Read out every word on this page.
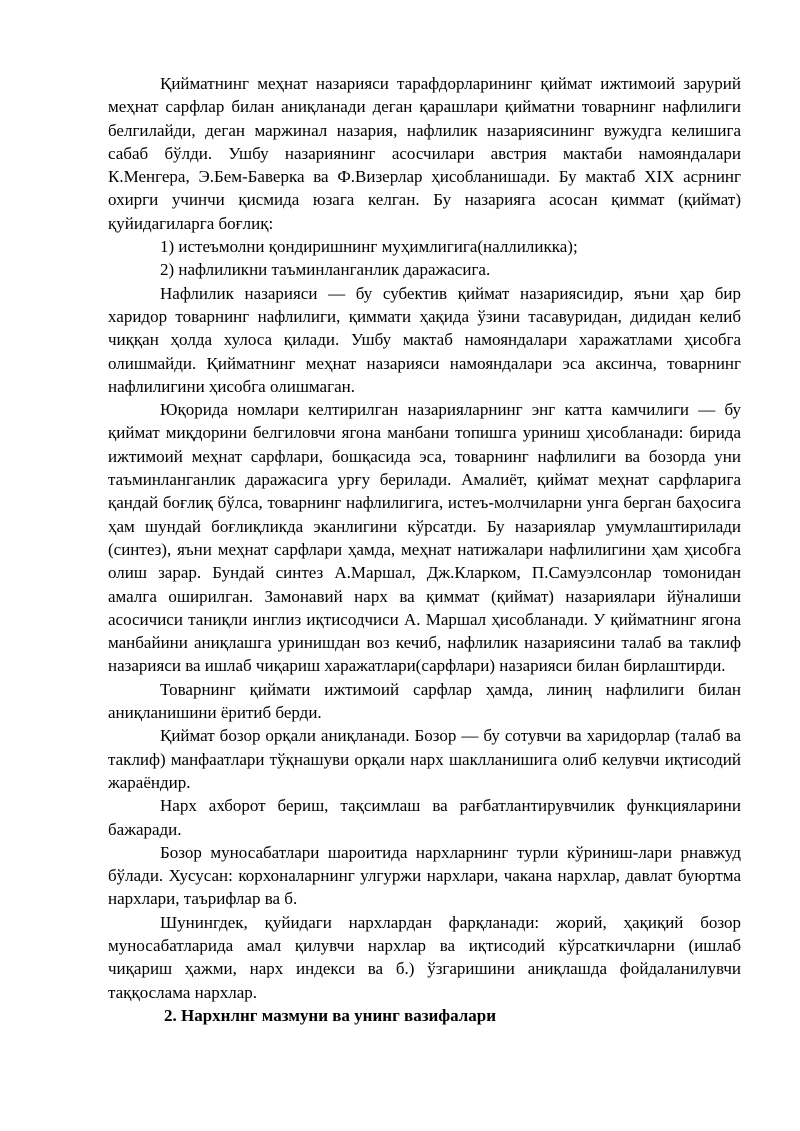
Қийматнинг меҳнат назарияси тарафдорларининг қиймат ижтимоий зарурий меҳнат сарфлар билан аниқланади деган қарашлари қийматни товарнинг нафлилиги белгилайди, деган маржинал назария, нафлилик назариясининг вужудга келишига сабаб бўлди. Ушбу назариянинг асосчилари австрия мактаби намояндалари К.Менгера, Э.Бем-Баверка ва Ф.Визерлар ҳисобланишади. Бу мактаб XIX асрнинг охирги учинчи қисмида юзага келган. Бу назарияга асосан қиммат (қиймат) қуйидагиларга боғлиқ:

1) истеъмолни қондиришнинг муҳимлигига(наллиликка);

2) нафлиликни таъминланганлик даражасига.

Нафлилик назарияси — бу субектив қиймат назариясидир, яъни ҳар бир харидор товарнинг нафлилиги, қиммати ҳақида ўзини тасавуридан, дидидан келиб чиққан ҳолда хулоса қилади. Ушбу мактаб намояндалари харажатлами ҳисобга олишмайди. Қийматнинг меҳнат назарияси намояндалари эса аксинча, товарнинг нафлилигини ҳисобга олишмаган.

Юқорида номлари келтирилган назарияларнинг энг катта камчилиги — бу қиймат миқдорини белгиловчи ягона манбани топишга уриниш ҳисобланади: бирида ижтимоий меҳнат сарфлари, бошқасида эса, товарнинг нафлилиги ва бозорда уни таъминланганлик даражасига урғу берилади. Амалиёт, қиймат меҳнат сарфларига қандай боғлиқ бўлса, товарнинг нафлилигига, истеъ-молчиларни унга берган баҳосига ҳам шундай боғлиқликда эканлигини кўрсатди. Бу назариялар умумлаштирилади (синтез), яъни меҳнат сарфлари ҳамда, меҳнат натижалари нафлилигини ҳам ҳисобга олиш зарар. Бундай синтез А.Маршал, Дж.Кларком, П.Самуэлсонлар томонидан амалга оширилган. Замонавий нарх ва қиммат (қиймат) назариялари йўналиши асосичиси таниқли инглиз иқтисодчиси А. Маршал ҳисобланади. У қийматнинг ягона манбайини аниқлашга уринишдан воз кечиб, нафлилик назариясини талаб ва таклиф назарияси ва ишлаб чиқариш харажатлари(сарфлари) назарияси билан бирлаштирди.

Товарнинг қиймати ижтимоий сарфлар ҳамда, линиң нафлилиги билан аниқланишини ёритиб берди.

Қиймат бозор орқали аниқланади. Бозор — бу сотувчи ва харидорлар (талаб ва таклиф) манфаатлари тўқнашуви орқали нарх шаклланишига олиб келувчи иқтисодий жараёндир.

Нарх ахборот бериш, тақсимлаш ва рағбатлантирувчилик функцияларини бажаради.

Бозор муносабатлари шароитида нархларнинг турли кўриниш-лари рнавжуд бўлади. Хусусан: корхоналарнинг улгуржи нархлари, чакана нархлар, давлат буюртма нархлари, таърифлар ва б.

Шунингдек, қуйидаги нархлардан фарқланади: жорий, ҳақиқий бозор муносабатларида амал қилувчи нархлар ва иқтисодий кўрсаткичларни (ишлаб чиқариш ҳажми, нарх индекси ва б.) ўзгаришини аниқлашда фойдаланилувчи таққослама нархлар.

2. Нархнлнг мазмуни ва унинг вазифалари
